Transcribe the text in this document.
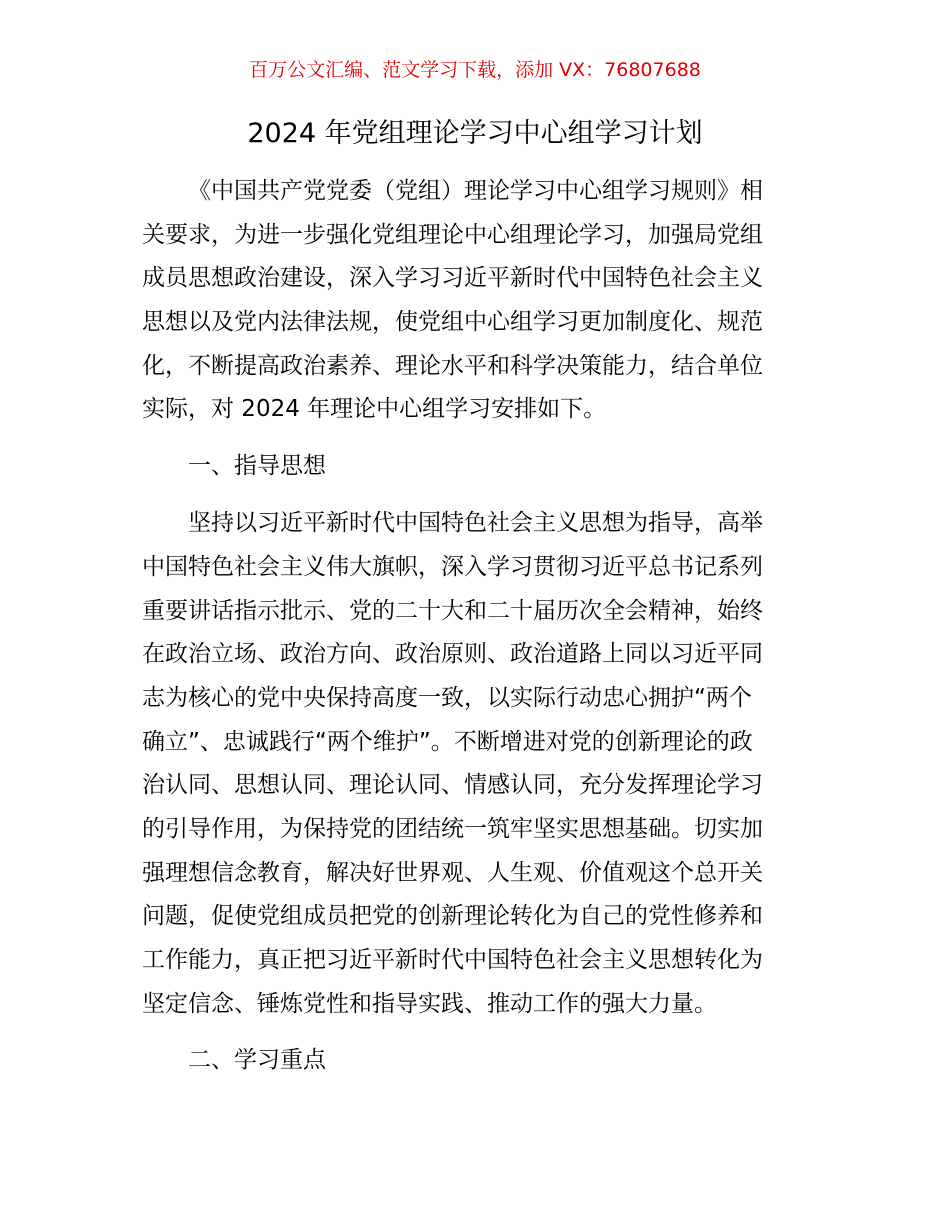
百万公文汇编、范文学习下载，添加 VX：76807688
2024 年党组理论学习中心组学习计划
《中国共产党党委（党组）理论学习中心组学习规则》相
关要求，为进一步强化党组理论中心组理论学习，加强局党组
成员思想政治建设，深入学习习近平新时代中国特色社会主义
思想以及党内法律法规，使党组中心组学习更加制度化、规范
化，不断提高政治素养、理论水平和科学决策能力，结合单位
实际，对 2024 年理论中心组学习安排如下。
一、指导思想
坚持以习近平新时代中国特色社会主义思想为指导，高举
中国特色社会主义伟大旗帜，深入学习贯彻习近平总书记系列
重要讲话指示批示、党的二十大和二十届历次全会精神，始终
在政治立场、政治方向、政治原则、政治道路上同以习近平同
志为核心的党中央保持高度一致，以实际行动忠心拥护“两个
确立”、忠诚践行“两个维护”。不断增进对党的创新理论的政
治认同、思想认同、理论认同、情感认同，充分发挥理论学习
的引导作用，为保持党的团结统一筑牢坚实思想基础。切实加
强理想信念教育，解决好世界观、人生观、价值观这个总开关
问题，促使党组成员把党的创新理论转化为自己的党性修养和
工作能力，真正把习近平新时代中国特色社会主义思想转化为
坚定信念、锤炼党性和指导实践、推动工作的强大力量。
二、学习重点
